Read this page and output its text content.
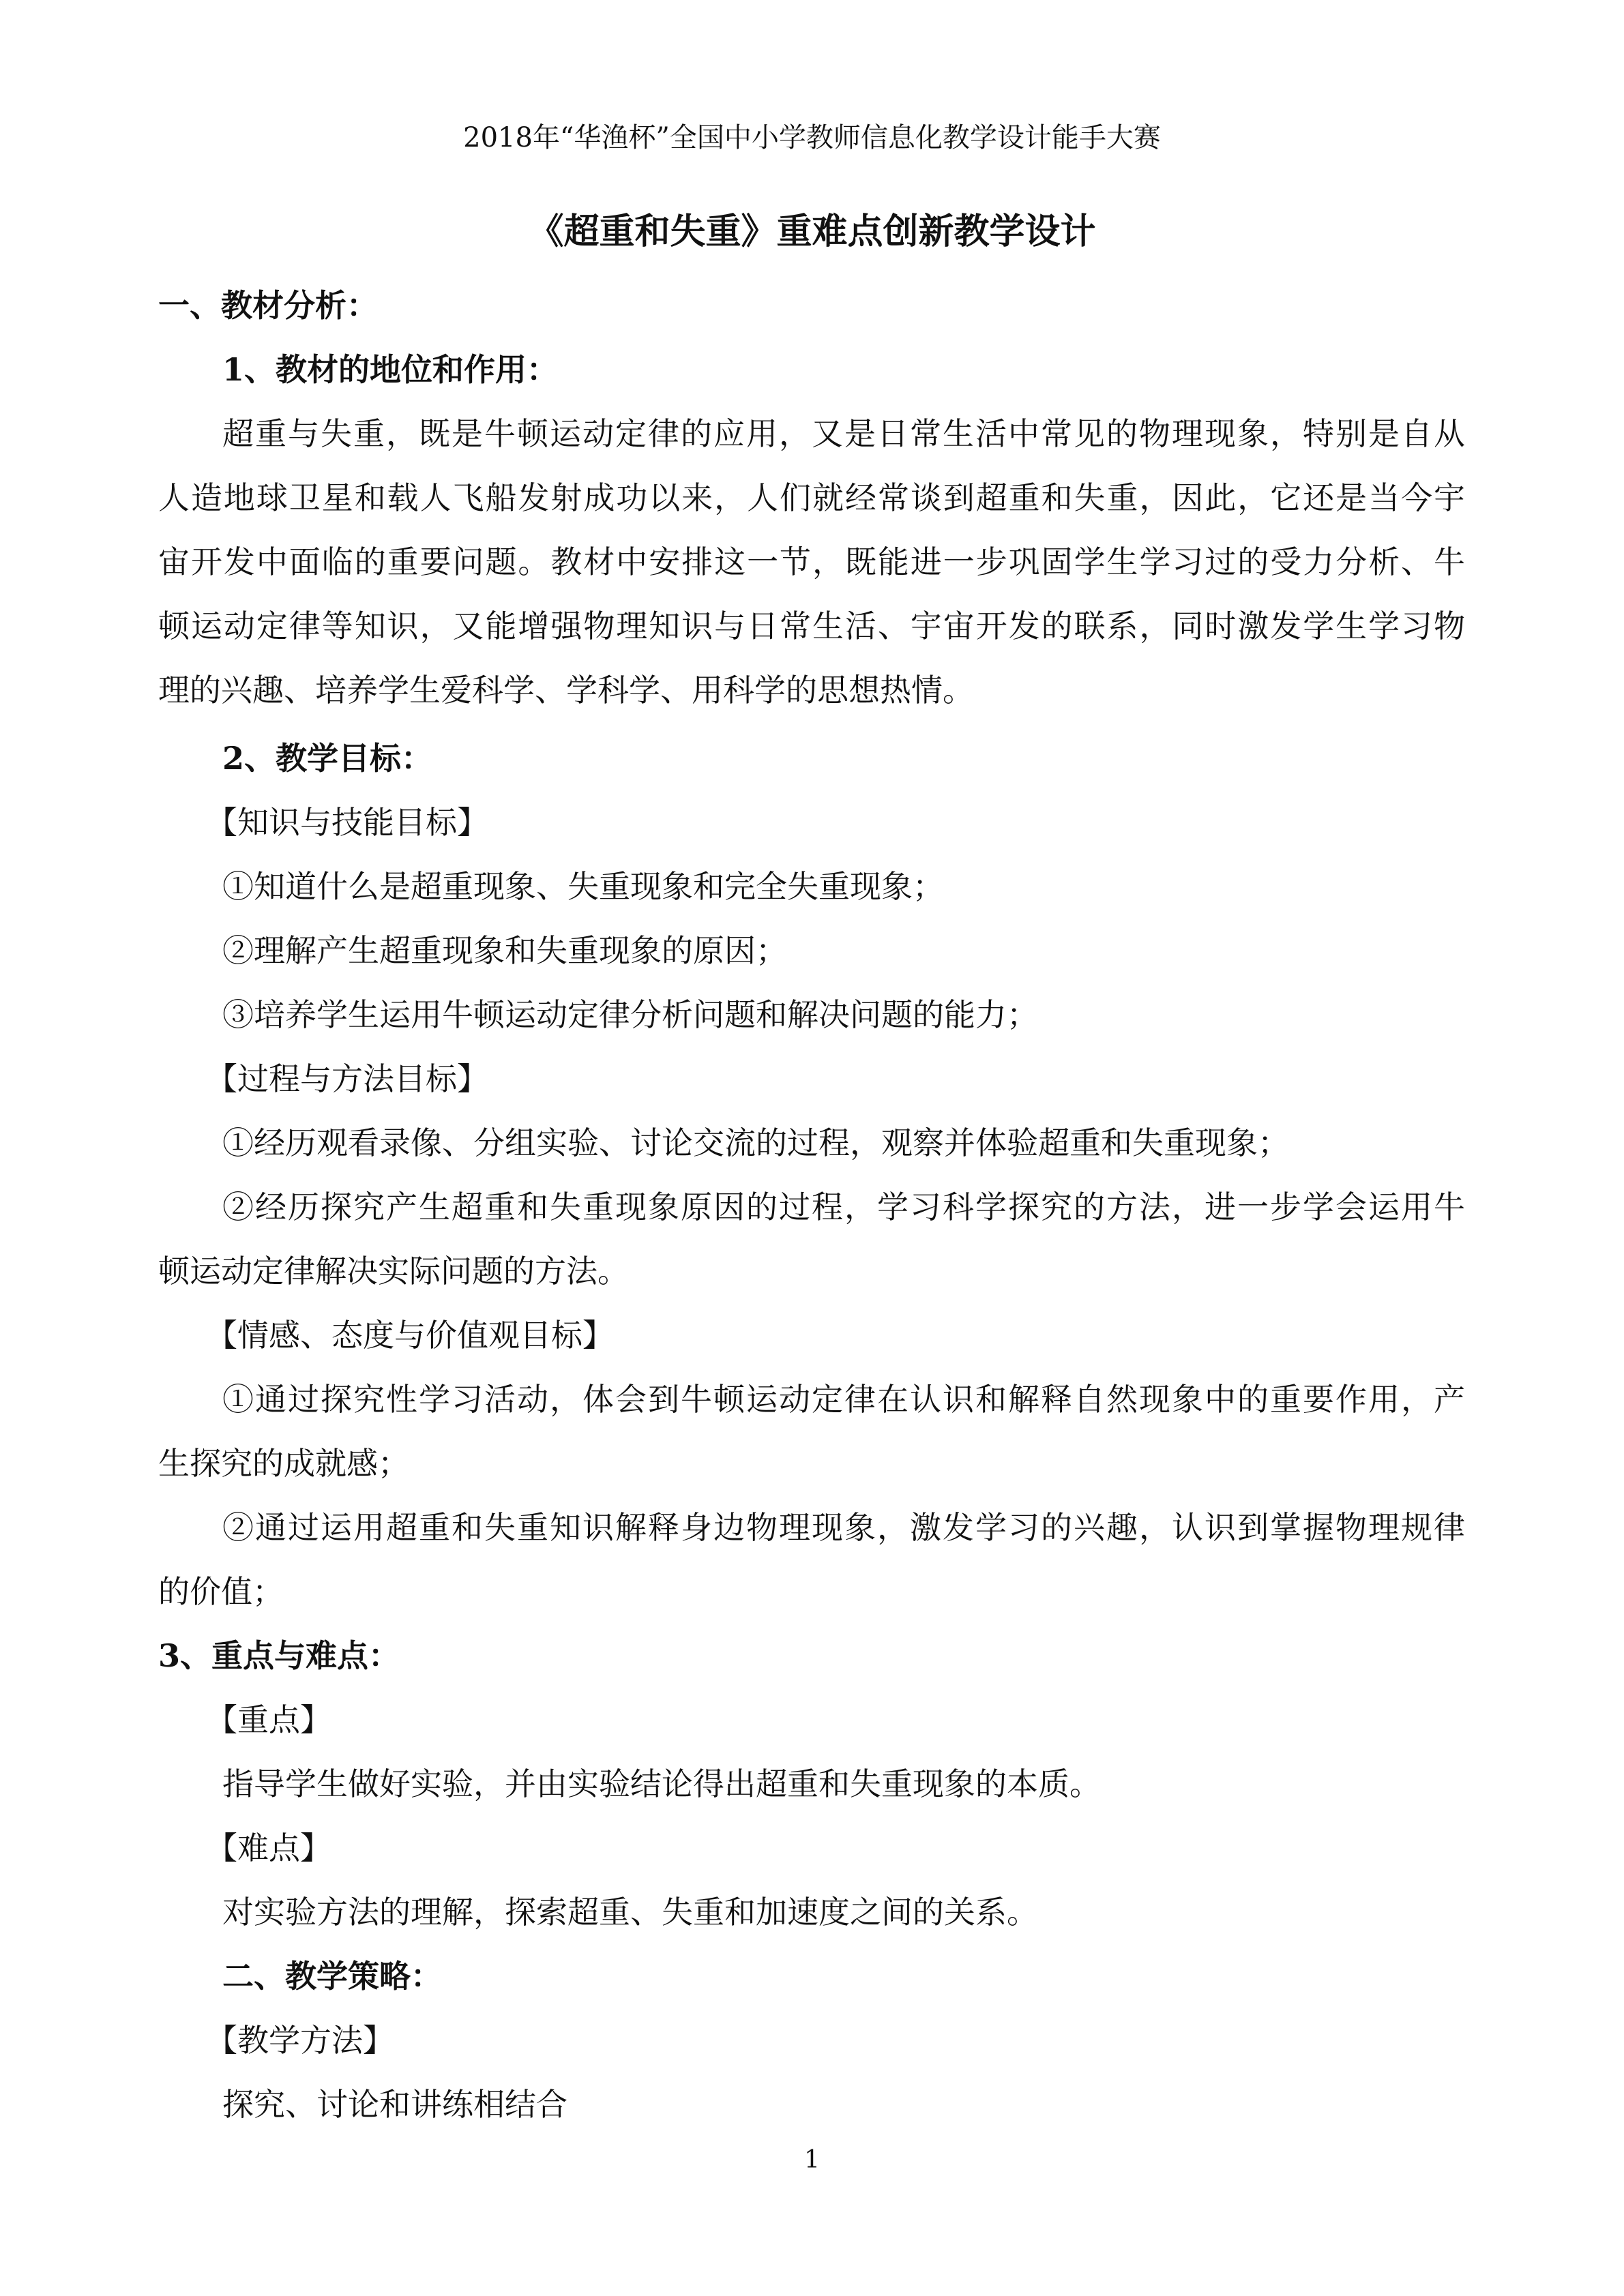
2018年“华渔杯”全国中小学教师信息化教学设计能手大赛
《超重和失重》重难点创新教学设计
一、教材分析：
1、教材的地位和作用：
超重与失重，既是牛顿运动定律的应用，又是日常生活中常见的物理现象，特别是自从
人造地球卫星和载人飞船发射成功以来，人们就经常谈到超重和失重，因此，它还是当今宇
宙开发中面临的重要问题。教材中安排这一节，既能进一步巩固学生学习过的受力分析、牛
顿运动定律等知识，又能增强物理知识与日常生活、宇宙开发的联系，同时激发学生学习物
理的兴趣、培养学生爱科学、学科学、用科学的思想热情。
2、教学目标：
【知识与技能目标】
①知道什么是超重现象、失重现象和完全失重现象；
②理解产生超重现象和失重现象的原因；
③培养学生运用牛顿运动定律分析问题和解决问题的能力；
【过程与方法目标】
①经历观看录像、分组实验、讨论交流的过程，观察并体验超重和失重现象；
②经历探究产生超重和失重现象原因的过程，学习科学探究的方法，进一步学会运用牛
顿运动定律解决实际问题的方法。
【情感、态度与价值观目标】
①通过探究性学习活动，体会到牛顿运动定律在认识和解释自然现象中的重要作用，产
生探究的成就感；
②通过运用超重和失重知识解释身边物理现象，激发学习的兴趣，认识到掌握物理规律
的价值；
3、重点与难点：
【重点】
指导学生做好实验，并由实验结论得出超重和失重现象的本质。
【难点】
对实验方法的理解，探索超重、失重和加速度之间的关系。
二、教学策略：
【教学方法】
探究、讨论和讲练相结合
1
